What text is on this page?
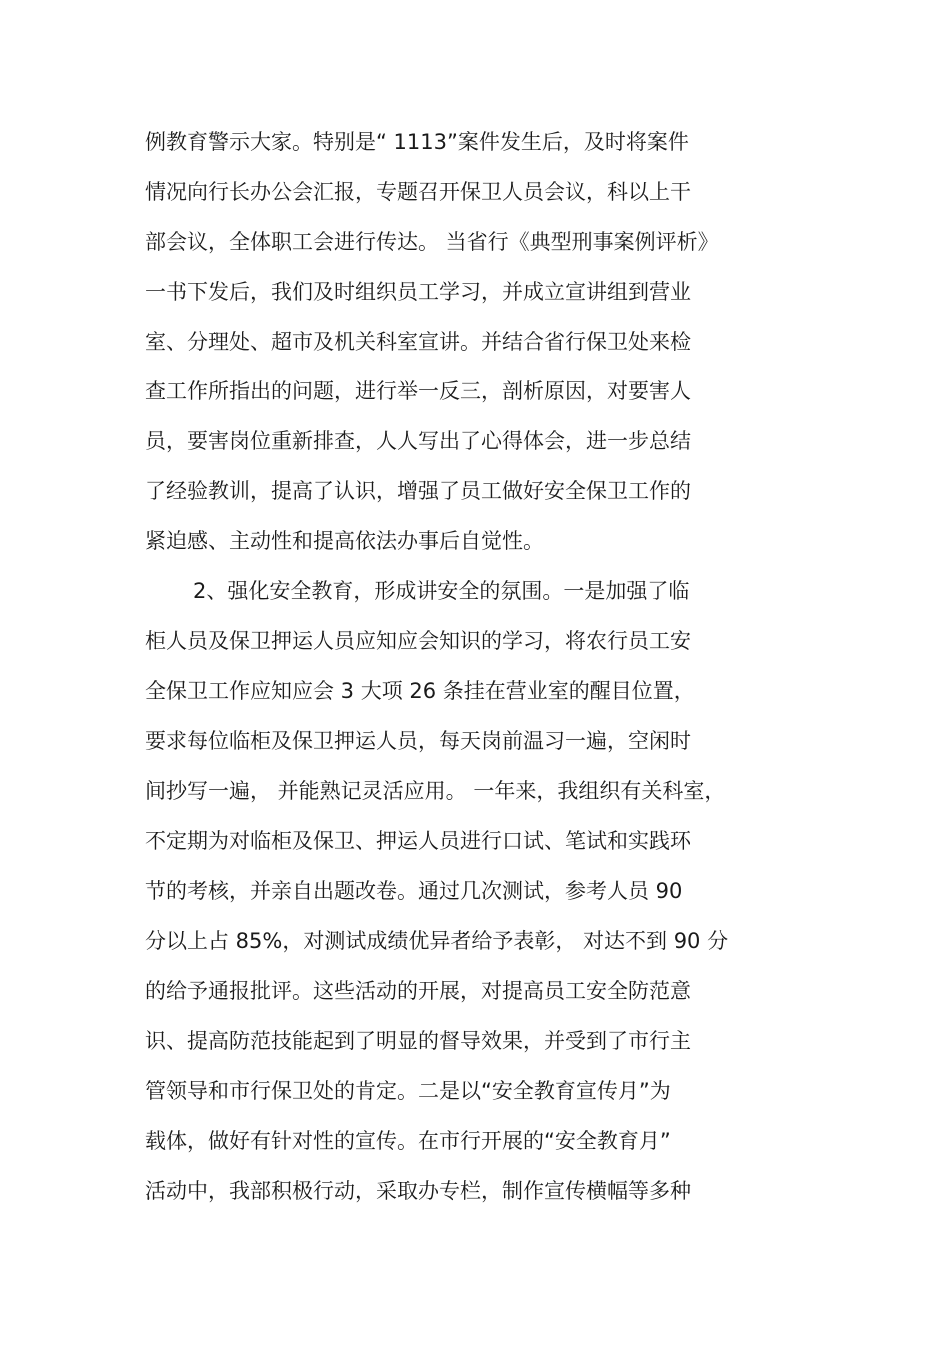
例教育警示大家。特别是“ 1113”案件发生后，及时将案件

情况向行长办公会汇报，专题召开保卫人员会议，科以上干

部会议，全体职工会进行传达。 当省行《典型刑事案例评析》

一书下发后，我们及时组织员工学习，并成立宣讲组到营业

室、分理处、超市及机关科室宣讲。并结合省行保卫处来检

查工作所指出的问题，进行举一反三，剖析原因，对要害人

员，要害岗位重新排查，人人写出了心得体会，进一步总结

了经验教训，提高了认识，增强了员工做好安全保卫工作的

紧迫感、主动性和提高依法办事后自觉性。

2、强化安全教育，形成讲安全的氛围。一是加强了临

柜人员及保卫押运人员应知应会知识的学习，将农行员工安

全保卫工作应知应会 3 大项 26 条挂在营业室的醒目位置，

要求每位临柜及保卫押运人员，每天岗前温习一遍，空闲时

间抄写一遍， 并能熟记灵活应用。 一年来，我组织有关科室，

不定期为对临柜及保卫、押运人员进行口试、笔试和实践环

节的考核，并亲自出题改卷。通过几次测试，参考人员 90

分以上占 85%，对测试成绩优异者给予表彰， 对达不到 90 分

的给予通报批评。这些活动的开展，对提高员工安全防范意

识、提高防范技能起到了明显的督导效果，并受到了市行主

管领导和市行保卫处的肯定。二是以“安全教育宣传月”为

载体，做好有针对性的宣传。在市行开展的“安全教育月”

活动中，我部积极行动，采取办专栏，制作宣传横幅等多种
